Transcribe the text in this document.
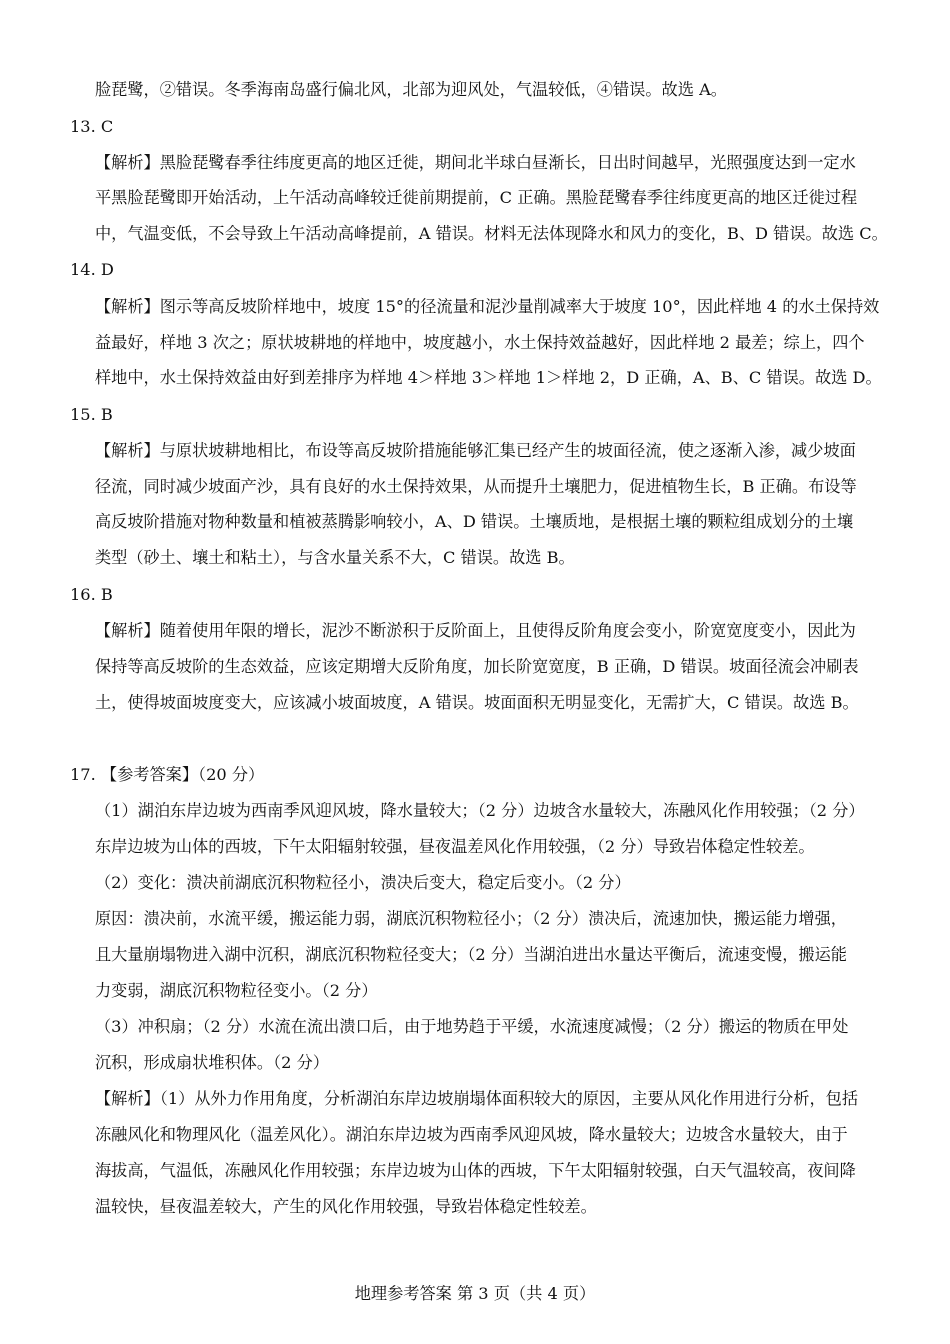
脸琵鹭，②错误。冬季海南岛盛行偏北风，北部为迎风处，气温较低，④错误。故选 A。
13. C
【解析】黑脸琵鹭春季往纬度更高的地区迁徙，期间北半球白昼渐长，日出时间越早，光照强度达到一定水
平黑脸琵鹭即开始活动，上午活动高峰较迁徙前期提前，C 正确。黑脸琵鹭春季往纬度更高的地区迁徙过程
中，气温变低，不会导致上午活动高峰提前，A 错误。材料无法体现降水和风力的变化，B、D 错误。故选 C。
14. D
【解析】图示等高反坡阶样地中，坡度 15°的径流量和泥沙量削减率大于坡度 10°，因此样地 4 的水土保持效
益最好，样地 3 次之；原状坡耕地的样地中，坡度越小，水土保持效益越好，因此样地 2 最差；综上，四个
样地中，水土保持效益由好到差排序为样地 4＞样地 3＞样地 1＞样地 2，D 正确，A、B、C 错误。故选 D。
15. B
【解析】与原状坡耕地相比，布设等高反坡阶措施能够汇集已经产生的坡面径流，使之逐渐入渗，减少坡面
径流，同时减少坡面产沙，具有良好的水土保持效果，从而提升土壤肥力，促进植物生长，B 正确。布设等
高反坡阶措施对物种数量和植被蒸腾影响较小，A、D 错误。土壤质地，是根据土壤的颗粒组成划分的土壤
类型（砂土、壤土和粘土），与含水量关系不大，C 错误。故选 B。
16. B
【解析】随着使用年限的增长，泥沙不断淤积于反阶面上，且使得反阶角度会变小，阶宽宽度变小，因此为
保持等高反坡阶的生态效益，应该定期增大反阶角度，加长阶宽宽度，B 正确，D 错误。坡面径流会冲刷表
土，使得坡面坡度变大，应该减小坡面坡度，A 错误。坡面面积无明显变化，无需扩大，C 错误。故选 B。
17. 【参考答案】（20 分）
（1）湖泊东岸边坡为西南季风迎风坡，降水量较大；（2 分）边坡含水量较大，冻融风化作用较强；（2 分）
东岸边坡为山体的西坡，下午太阳辐射较强，昼夜温差风化作用较强，（2 分）导致岩体稳定性较差。
（2）变化：溃决前湖底沉积物粒径小，溃决后变大，稳定后变小。（2 分）
原因：溃决前，水流平缓，搬运能力弱，湖底沉积物粒径小；（2 分）溃决后，流速加快，搬运能力增强，
且大量崩塌物进入湖中沉积，湖底沉积物粒径变大；（2 分）当湖泊进出水量达平衡后，流速变慢，搬运能
力变弱，湖底沉积物粒径变小。（2 分）
（3）冲积扇；（2 分）水流在流出溃口后，由于地势趋于平缓，水流速度减慢；（2 分）搬运的物质在甲处
沉积，形成扇状堆积体。（2 分）
【解析】（1）从外力作用角度，分析湖泊东岸边坡崩塌体面积较大的原因，主要从风化作用进行分析，包括
冻融风化和物理风化（温差风化）。湖泊东岸边坡为西南季风迎风坡，降水量较大；边坡含水量较大，由于
海拔高，气温低，冻融风化作用较强；东岸边坡为山体的西坡，下午太阳辐射较强，白天气温较高，夜间降
温较快，昼夜温差较大，产生的风化作用较强，导致岩体稳定性较差。
地理参考答案 第 3 页（共 4 页）
